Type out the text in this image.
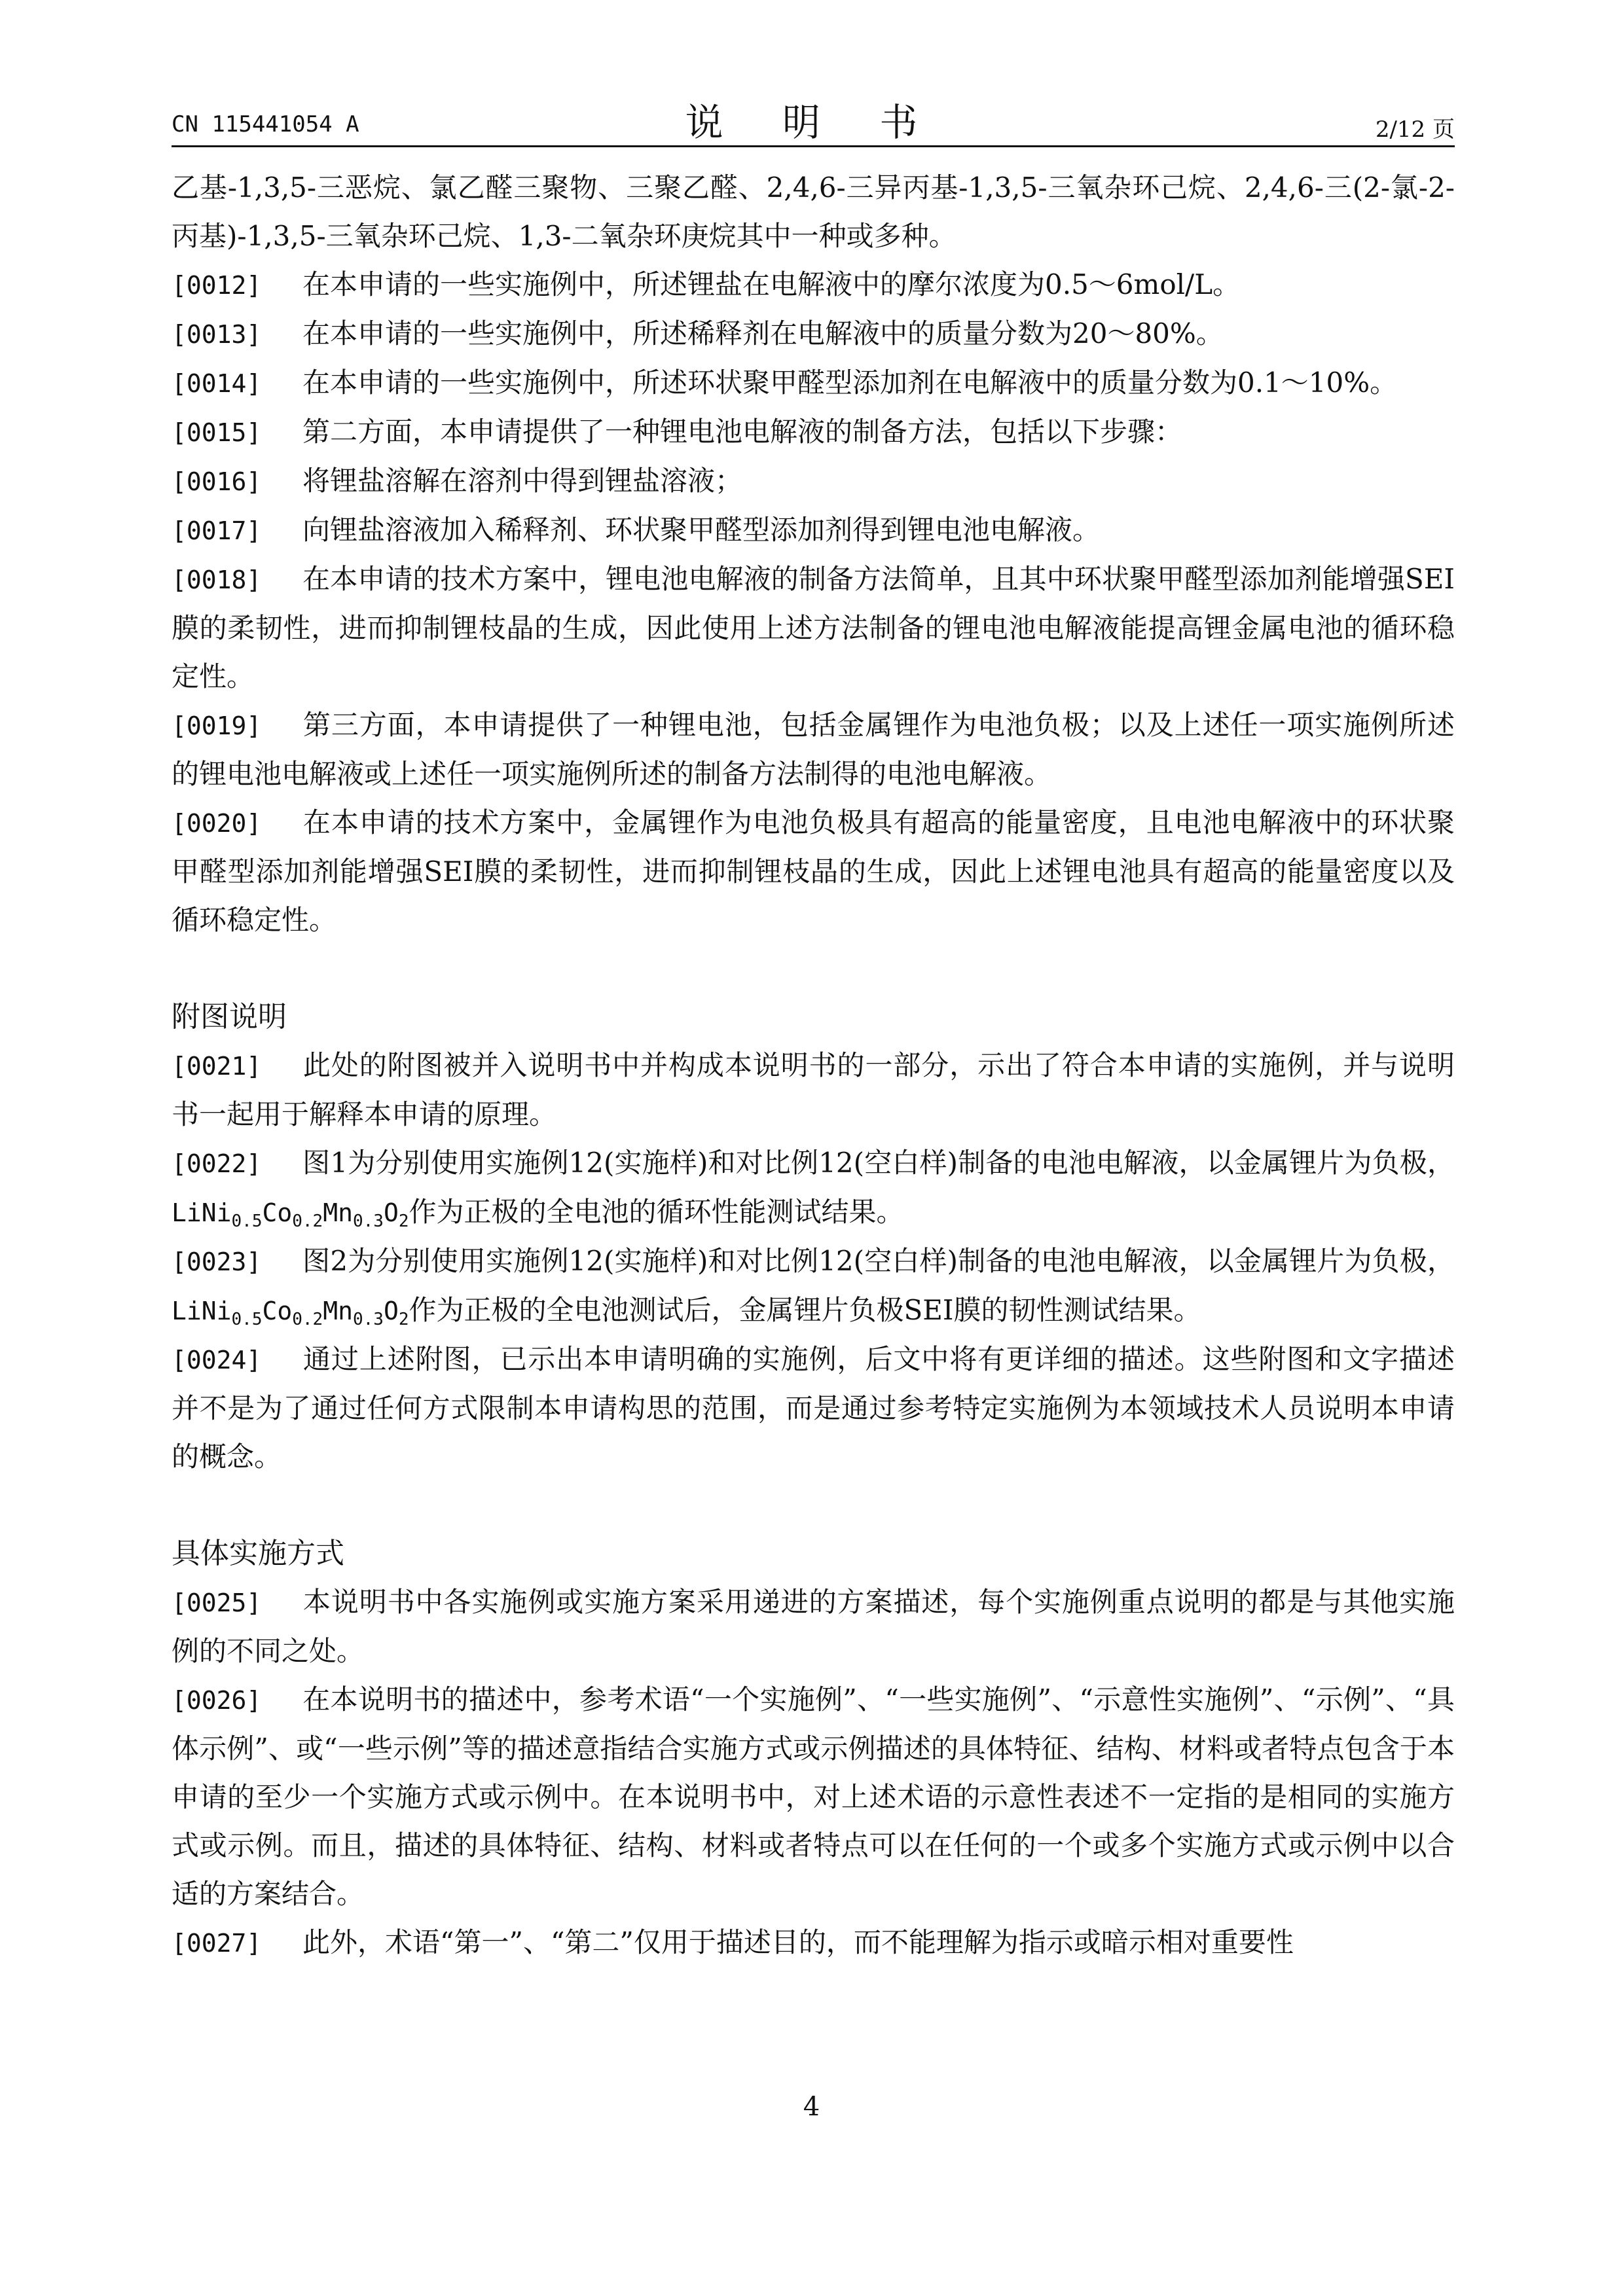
CN 115441054 A	说 明 书	2/12 页

乙基-1,3,5-三恶烷、氯乙醛三聚物、三聚乙醛、2,4,6-三异丙基-1,3,5-三氧杂环己烷、2,4,6-三(2-氯-2-丙基)-1,3,5-三氧杂环己烷、1,3-二氧杂环庚烷其中一种或多种。

[0012] 在本申请的一些实施例中，所述锂盐在电解液中的摩尔浓度为0.5～6mol/L。

[0013] 在本申请的一些实施例中，所述稀释剂在电解液中的质量分数为20～80%。

[0014] 在本申请的一些实施例中，所述环状聚甲醛型添加剂在电解液中的质量分数为0.1～10%。

[0015] 第二方面，本申请提供了一种锂电池电解液的制备方法，包括以下步骤：

[0016] 将锂盐溶解在溶剂中得到锂盐溶液；

[0017] 向锂盐溶液加入稀释剂、环状聚甲醛型添加剂得到锂电池电解液。

[0018] 在本申请的技术方案中，锂电池电解液的制备方法简单，且其中环状聚甲醛型添加剂能增强SEI膜的柔韧性，进而抑制锂枝晶的生成，因此使用上述方法制备的锂电池电解液能提高锂金属电池的循环稳定性。

[0019] 第三方面，本申请提供了一种锂电池，包括金属锂作为电池负极；以及上述任一项实施例所述的锂电池电解液或上述任一项实施例所述的制备方法制得的电池电解液。

[0020] 在本申请的技术方案中，金属锂作为电池负极具有超高的能量密度，且电池电解液中的环状聚甲醛型添加剂能增强SEI膜的柔韧性，进而抑制锂枝晶的生成，因此上述锂电池具有超高的能量密度以及循环稳定性。

附图说明

[0021] 此处的附图被并入说明书中并构成本说明书的一部分，示出了符合本申请的实施例，并与说明书一起用于解释本申请的原理。

[0022] 图1为分别使用实施例12(实施样)和对比例12(空白样)制备的电池电解液，以金属锂片为负极，$LiNi_{0.5}Co_{0.2}Mn_{0.3}O_2$作为正极的全电池的循环性能测试结果。

[0023] 图2为分别使用实施例12(实施样)和对比例12(空白样)制备的电池电解液，以金属锂片为负极，$LiNi_{0.5}Co_{0.2}Mn_{0.3}O_2$作为正极的全电池测试后，金属锂片负极SEI膜的韧性测试结果。

[0024] 通过上述附图，已示出本申请明确的实施例，后文中将有更详细的描述。这些附图和文字描述并不是为了通过任何方式限制本申请构思的范围，而是通过参考特定实施例为本领域技术人员说明本申请的概念。

具体实施方式

[0025] 本说明书中各实施例或实施方案采用递进的方案描述，每个实施例重点说明的都是与其他实施例的不同之处。

[0026] 在本说明书的描述中，参考术语“一个实施例”、“一些实施例”、“示意性实施例”、“示例”、“具体示例”、或“一些示例”等的描述意指结合实施方式或示例描述的具体特征、结构、材料或者特点包含于本申请的至少一个实施方式或示例中。在本说明书中，对上述术语的示意性表述不一定指的是相同的实施方式或示例。而且，描述的具体特征、结构、材料或者特点可以在任何的一个或多个实施方式或示例中以合适的方案结合。

[0027] 此外，术语“第一”、“第二”仅用于描述目的，而不能理解为指示或暗示相对重要性

4
